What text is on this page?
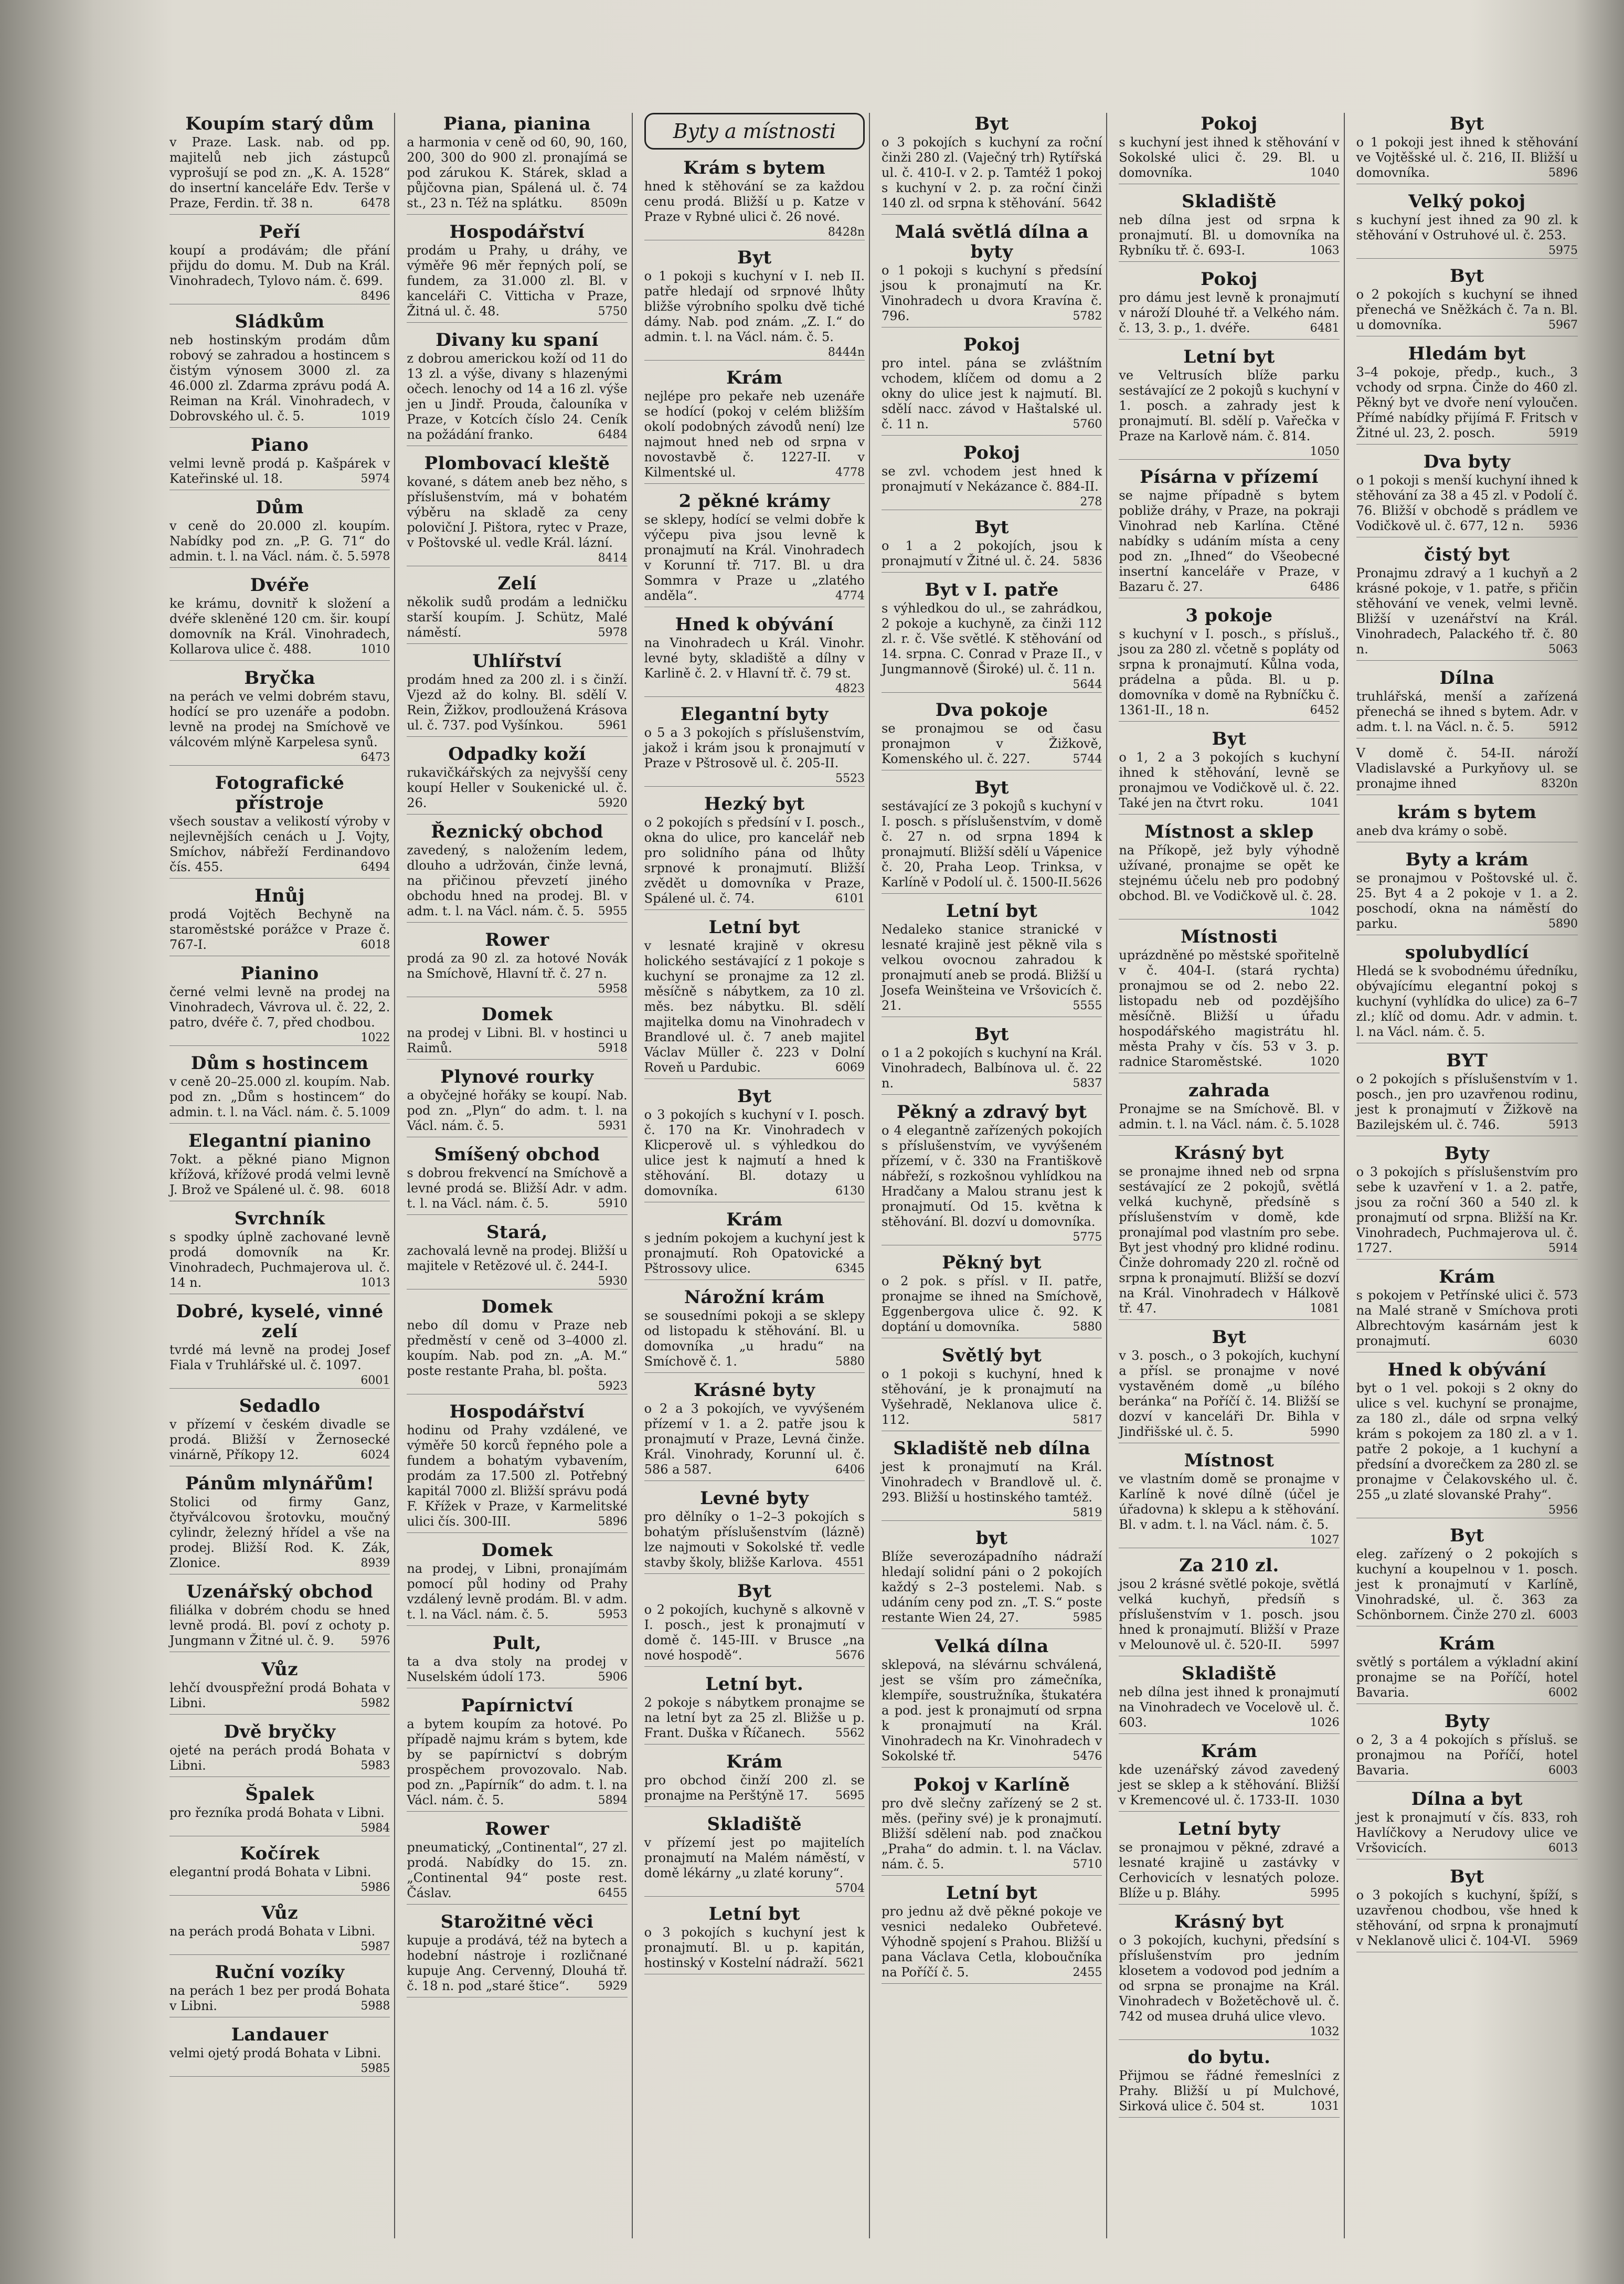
Koupím starý dům

v Praze. Lask. nab. od pp. majitelů neb jich zástupců vyprošují se pod zn. „K. A. 1528“ do insertní kanceláře Edv. Terše v Praze, Ferdin. tř. 38 n.	6478

Peří

koupí a prodávám; dle přání přijdu do domu. M. Dub na Král. Vinohradech, Tylovo nám. č. 699.
8496

Sládkům

neb hostinským prodám dům robový se zahradou a hostincem s čistým výnosem 3000 zl. za 46.000 zl. Zdarma zprávu podá A. Reiman na Král. Vinohradech, v Dobrovského ul. č. 5.	1019

Piano

velmi levně prodá p. Kašpárek v Kateřinské ul. 18.	5974

Dům

v ceně do 20.000 zl. koupím. Nabídky pod zn. „P. G. 71“ do admin. t. l. na Václ. nám. č. 5. 5978

Dvéře

ke krámu, dovnitř k složení a dvéře skleněné 120 cm. šir. koupí domovník na Král. Vinohradech, Kollarova ulice č. 488.	1010

Bryčka

na perách ve velmi dobrém stavu, hodící se pro uzenáře a podobn. levně na prodej na Smíchově ve válcovém mlýně Karpelesa synů.
6473

Fotografické přístroje

všech soustav a velikostí výroby v nejlevnějších cenách u J. Vojty, Smíchov, nábřeží Ferdinandovo čís. 455.	6494

Hnůj

prodá Vojtěch Bechyně na staroměstské porážce v Praze č. 767-I.	6018

Pianino

černé velmi levně na prodej na Vinohradech, Vávrova ul. č. 22, 2. patro, dvéře č. 7, před chodbou.
1022

Dům s hostincem

v ceně 20–25.000 zl. koupím. Nab. pod zn. „Dům s hostincem“ do admin. t. l. na Václ. nám. č. 5. 1009

Elegantní pianino

7okt. a pěkné piano Mignon křížová, křížové prodá velmi levně J. Brož ve Spálené ul. č. 98. 6018

Svrchník

s spodky úplně zachované levně prodá domovník na Kr. Vinohradech, Puchmajerova ul. č. 14 n.	1013

Dobré, kyselé, vinné zelí

tvrdé má levně na prodej Josef Fiala v Truhlářské ul. č. 1097.
6001

Sedadlo

v přízemí v českém divadle se prodá. Bližší v Žernosecké vinárně, Příkopy 12.	6024

Pánům mlynářům!

Stolici od firmy Ganz, čtyřválcovou šrotovku, moučný cylindr, železný hřídel a vše na prodej. Bližší Rod. K. Zák, Zlonice.	8939

Uzenářský obchod

filiálka v dobrém chodu se hned levně prodá. Bl. poví z ochoty p. Jungmann v Žitné ul. č. 9. 5976

Vůz

lehčí dvouspřežní prodá Bohata v Libni.	5982

Dvě bryčky

ojeté na perách prodá Bohata v Libni.	5983

Špalek

pro řezníka prodá Bohata v Libni.
5984

Kočírek

elegantní prodá Bohata v Libni.
5986

Vůz

na perách prodá Bohata v Libni.
5987

Ruční vozíky

na perách 1 bez per prodá Bohata v Libni.	5988

Landauer

velmi ojetý prodá Bohata v Libni.
5985

Piana, pianina

a harmonia v ceně od 60, 90, 160, 200, 300 do 900 zl. pronajímá se pod zárukou K. Stárek, sklad a půjčovna pian, Spálená ul. č. 74 st., 23 n. Též na splátku. 8509n

Hospodářství

prodám u Prahy, u dráhy, ve výměře 96 měr řepných polí, se fundem, za 31.000 zl. Bl. v kanceláři C. Vitticha v Praze, Žitná ul. č. 48.	5750

Divany ku spaní

z dobrou americkou koží od 11 do 13 zl. a výše, divany s hlazenými očech. lenochy od 14 a 16 zl. výše jen u Jindř. Prouda, čalouníka v Praze, v Kotcích číslo 24. Ceník na požádání franko.	6484

Plombovací kleště

kované, s dátem aneb bez něho, s příslušenstvím, má v bohatém výběru na skladě za ceny poloviční J. Pištora, rytec v Praze, v Poštovské ul. vedle Král. lázní.
8414

Zelí

několik sudů prodám a ledničku starší koupím. J. Schütz, Malé náměstí.	5978

Uhlířství

prodám hned za 200 zl. i s činží. Vjezd až do kolny. Bl. sdělí V. Rein, Žižkov, prodloužená Krásova ul. č. 737. pod Vyšínkou.	5961

Odpadky koží

rukavičkářských za nejvyšší ceny koupí Heller v Soukenické ul. č. 26.	5920

Řeznický obchod

zavedený, s naložením ledem, dlouho a udržován, činže levná, na přičinou převzetí jiného obchodu hned na prodej. Bl. v adm. t. l. na Václ. nám. č. 5. 5955

Rower

prodá za 90 zl. za hotové Novák na Smíchově, Hlavní tř. č. 27 n.
5958

Domek

na prodej v Libni. Bl. v hostinci u Raimů.	5918

Plynové rourky

a obyčejné hořáky se koupí. Nab. pod zn. „Plyn“ do adm. t. l. na Václ. nám. č. 5.	5931

Smíšený obchod

s dobrou frekvencí na Smíchově a levné prodá se. Bližší Adr. v adm. t. l. na Václ. nám. č. 5.	5910

Stará,

zachovalá levně na prodej. Bližší u majitele v Retězové ul. č. 244-I.
5930

Domek

nebo díl domu v Praze neb předměstí v ceně od 3–4000 zl. koupím. Nab. pod zn. „A. M.“ poste restante Praha, bl. pošta.
5923

Hospodářství

hodinu od Prahy vzdálené, ve výměře 50 korců řepného pole a fundem a bohatým vybavením, prodám za 17.500 zl. Potřebný kapitál 7000 zl. Bližší správu podá F. Křížek v Praze, v Karmelitské ulici čís. 300-III.	5896

Domek

na prodej, v Libni, pronajímám pomocí půl hodiny od Prahy vzdálený levně prodám. Bl. v adm. t. l. na Václ. nám. č. 5.	5953

Pult,

ta a dva stoly na prodej v Nuselském údolí 173.	5906

Papírnictví

a bytem koupím za hotové. Po případě najmu krám s bytem, kde by se papírnictví s dobrým prospěchem provozovalo. Nab. pod zn. „Papírník“ do adm. t. l. na Václ. nám. č. 5.	5894

Rower

pneumatický, „Continental“, 27 zl. prodá. Nabídky do 15. zn. „Continental 94“ poste rest. Čáslav.	6455

Starožitné věci

kupuje a prodává, též na bytech a hodební nástroje i rozličnané kupuje Ang. Cervenný, Dlouhá tř. č. 18 n. pod „staré štice“. 5929

Byty a místnosti
Krám s bytem

hned k stěhování se za každou cenu prodá. Bližší u p. Katze v Praze v Rybné ulici č. 26 nové.
8428n

Byt

o 1 pokoji s kuchyní v I. neb II. patře hledají od srpnové lhůty bližše výrobního spolku dvě tiché dámy. Nab. pod znám. „Z. I.“ do admin. t. l. na Václ. nám. č. 5.
8444n

Krám

nejlépe pro pekaře neb uzenáře se hodící (pokoj v celém bližším okolí podobných závodů není) lze najmout hned neb od srpna v novostavbě č. 1227-II. v Kilmentské ul.	4778

2 pěkné krámy

se sklepy, hodící se velmi dobře k výčepu piva jsou levně k pronajmutí na Král. Vinohradech v Korunní tř. 717. Bl. u dra Sommra v Praze u „zlatého anděla“.	4774

Hned k obývání

na Vinohradech u Král. Vinohr. levné byty, skladiště a dílny v Karlině č. 2. v Hlavní tř. č. 79 st.
4823

Elegantní byty

o 5 a 3 pokojích s příslušenstvím, jakož i krám jsou k pronajmutí v Praze v Pštrosově ul. č. 205-II.
5523

Hezký byt

o 2 pokojích s předsíní v I. posch., okna do ulice, pro kancelář neb pro solidního pána od lhůty srpnové k pronajmutí. Bližší zvědět u domovníka v Praze, Spálené ul. č. 74.	6101

Letní byt

v lesnaté krajině v okresu holického sestávající z 1 pokoje s kuchyní se pronajme za 12 zl. měsíčně s nábytkem, za 10 zl. měs. bez nábytku. Bl. sdělí majitelka domu na Vinohradech v Brandlové ul. č. 7 aneb majitel Václav Müller č. 223 v Dolní Roveň u Pardubic.	6069

Byt

o 3 pokojích s kuchyní v I. posch. č. 170 na Kr. Vinohradech v Klicperově ul. s výhledkou do ulice jest k najmutí a hned k stěhování. Bl. dotazy u domovníka.	6130

Krám

s jedním pokojem a kuchyní jest k pronajmutí. Roh Opatovické a Pštrossovy ulice.	6345

Nárožní krám

se sousedními pokoji a se sklepy od listopadu k stěhování. Bl. u domovníka „u hradu“ na Smíchově č. 1.	5880

Krásné byty

o 2 a 3 pokojích, ve vyvýšeném přízemí v 1. a 2. patře jsou k pronajmutí v Praze, Levná činže. Král. Vinohrady, Korunní ul. č. 586 a 587.	6406

Levné byty

pro dělníky o 1–2–3 pokojích s bohatým příslušenstvím (lázně) lze najmouti v Sokolské tř. vedle stavby školy, bližše Karlova. 4551

Byt

o 2 pokojích, kuchyně s alkovně v I. posch., jest k pronajmutí v domě č. 145-III. v Brusce „na nové hospodě“.	5676

Letní byt.

2 pokoje s nábytkem pronajme se na letní byt za 25 zl. Bližše u p. Frant. Duška v Říčanech.	5562

Krám

pro obchod činží 200 zl. se pronajme na Perštýně 17. 5695

Skladiště

v přízemí jest po majitelích pronajmutí na Malém náměstí, v domě lékárny „u zlaté koruny“.
5704

Letní byt

o 3 pokojích s kuchyní jest k pronajmutí. Bl. u p. kapitán, hostinský v Kostelní nádraží. 5621

Byt

o 3 pokojích s kuchyní za roční činži 280 zl. (Vaječný trh) Rytířská ul. č. 410-I. v 2. p. Tamtéž 1 pokoj s kuchyní v 2. p. za roční činži 140 zl. od srpna k stěhování. 5642

Malá světlá dílna a byty

o 1 pokoji s kuchyní s předsíní jsou k pronajmutí na Kr. Vinohradech u dvora Kravína č. 796.	5782

Pokoj

pro intel. pána se zvláštním vchodem, klíčem od domu a 2 okny do ulice jest k najmutí. Bl. sdělí nacc. závod v Haštalské ul. č. 11 n.	5760

Pokoj

se zvl. vchodem jest hned k pronajmutí v Nekázance č. 884-II.
278

Byt

o 1 a 2 pokojích, jsou k pronajmutí v Žitné ul. č. 24. 5836

Byt v I. patře

s výhledkou do ul., se zahrádkou, 2 pokoje a kuchyně, za činži 112 zl. r. č. Vše světlé. K stěhování od 14. srpna. C. Conrad v Praze II., v Jungmannově (Široké) ul. č. 11 n.
5644

Dva pokoje

se pronajmou se od času pronajmon v Žižkově, Komenského ul. č. 227.	5744

Byt

sestávající ze 3 pokojů s kuchyní v I. posch. s příslušenstvím, v domě č. 27 n. od srpna 1894 k pronajmutí. Bližší sdělí u Vápenice č. 20, Praha Leop. Trinksa, v Karlíně v Podolí ul. č. 1500-II. 5626

Letní byt

Nedaleko stanice stranické v lesnaté krajině jest pěkně vila s velkou ovocnou zahradou k pronajmutí aneb se prodá. Bližší u Josefa Weinšteina ve Vršovicích č. 21.	5555

Byt

o 1 a 2 pokojích s kuchyní na Král. Vinohradech, Balbínova ul. č. 22 n.	5837

Pěkný a zdravý byt

o 4 elegantně zařízených pokojích s příslušenstvím, ve vyvýšeném přízemí, v č. 330 na Františkově nábřeží, s rozkošnou vyhlídkou na Hradčany a Malou stranu jest k pronajmutí. Od 15. května k stěhování. Bl. dozví u domovníka.
5775

Pěkný byt

o 2 pok. s přísl. v II. patře, pronajme se ihned na Smíchově, Eggenbergova ulice č. 92. K doptání u domovníka.	5880

Světlý byt

o 1 pokoji s kuchyní, hned k stěhování, je k pronajmutí na Vyšehradě, Neklanova ulice č. 112.	5817

Skladiště neb dílna

jest k pronajmutí na Král. Vinohradech v Brandlově ul. č. 293. Bližší u hostinského tamtéž.
5819

byt

Blíže severozápadního nádraží hledají solidní páni o 2 pokojích každý s 2–3 postelemi. Nab. s udáním ceny pod zn. „T. S.“ poste restante Wien 24, 27.	5985

Velká dílna

sklepová, na slévárnu schválená, jest se vším pro zámečníka, klempíře, soustružníka, štukatéra a pod. jest k pronajmutí od srpna k pronajmutí na Král. Vinohradech na Kr. Vinohradech v Sokolské tř.	5476

Pokoj v Karlíně

pro dvě slečny zařízený se 2 st. měs. (peřiny své) je k pronajmutí. Bližší sdělení nab. pod značkou „Praha“ do admin. t. l. na Václav. nám. č. 5.	5710

Letní byt

pro jednu až dvě pěkné pokoje ve vesnici nedaleko Oubřetevé. Výhodně spojení s Prahou. Bližší u pana Václava Cetla, kloboučníka na Poříčí č. 5.	2455

Pokoj

s kuchyní jest ihned k stěhování v Sokolské ulici č. 29. Bl. u domovníka.	1040

Skladiště

neb dílna jest od srpna k pronajmutí. Bl. u domovníka na Rybníku tř. č. 693-I.	1063

Pokoj

pro dámu jest levně k pronajmutí v nároží Dlouhé tř. a Velkého nám. č. 13, 3. p., 1. dvéře.	6481

Letní byt

ve Veltrusích blíže parku sestávající ze 2 pokojů s kuchyní v 1. posch. a zahrady jest k pronajmutí. Bl. sdělí p. Vařečka v Praze na Karlově nám. č. 814.
1050

Písárna v přízemí

se najme případně s bytem pobliže dráhy, v Praze, na pokraji Vinohrad neb Karlína. Ctěné nabídky s udáním místa a ceny pod zn. „Ihned“ do Všeobecné insertní kanceláře v Praze, v Bazaru č. 27.	6486

3 pokoje

s kuchyní v I. posch., s přísluš., jsou za 280 zl. včetně s popláty od srpna k pronajmutí. Kůlna voda, prádelna a půda. Bl. u p. domovníka v domě na Rybníčku č. 1361-II., 18 n.	6452

Byt

o 1, 2 a 3 pokojích s kuchyní ihned k stěhování, levně se pronajmou ve Vodičkově ul. č. 22. Také jen na čtvrt roku.	1041

Místnost a sklep

na Příkopě, jež byly výhodně užívané, pronajme se opět ke stejnému účelu neb pro podobný obchod. Bl. ve Vodičkově ul. č. 28.
1042

Místnosti

uprázdněné po městské spořitelně v č. 404-I. (stará rychta) pronajmou se od 2. nebo 22. listopadu neb od pozdějšího měsíčně. Bližší u úřadu hospodářského magistrátu hl. města Prahy v čís. 53 v 3. p. radnice Staroměstské.	1020

zahrada

Pronajme se na Smíchově. Bl. v admin. t. l. na Václ. nám. č. 5. 1028

Krásný byt

se pronajme ihned neb od srpna sestávající ze 2 pokojů, světlá velká kuchyně, předsíně s příslušenstvím v domě, kde pronajímal pod vlastním pro sebe. Byt jest vhodný pro klidné rodinu. Činže dohromady 220 zl. ročně od srpna k pronajmutí. Bližší se dozví na Král. Vinohradech v Hálkově tř. 47.	1081

Byt

v 3. posch., o 3 pokojích, kuchyní a přísl. se pronajme v nové vystavěném domě „u bílého beránka“ na Poříčí č. 14. Bližší se dozví v kanceláři Dr. Bihla v Jindřišské ul. č. 5.	5990

Místnost

ve vlastním domě se pronajme v Karlíně k nové dílně (účel je úřadovna) k sklepu a k stěhování. Bl. v adm. t. l. na Václ. nám. č. 5.
1027

Za 210 zl.

jsou 2 krásné světlé pokoje, světlá velká kuchyň, předsíň s příslušenstvím v 1. posch. jsou hned k pronajmutí. Bližší v Praze v Melounově ul. č. 520-II. 5997

Skladiště

neb dílna jest ihned k pronajmutí na Vinohradech ve Vocelově ul. č. 603.	1026

Krám

kde uzenářský závod zavedený jest se sklep a k stěhování. Bližší v Kremencové ul. č. 1733-II. 1030

Letní byty

se pronajmou v pěkné, zdravé a lesnaté krajině u zastávky v Cerhovicích v lesnatých poloze. Blíže u p. Bláhy.	5995

Krásný byt

o 3 pokojích, kuchyni, předsíní s příslušenstvím pro jedním klosetem a vodovod pod jedním a od srpna se pronajme na Král. Vinohradech v Božetěchově ul. č. 742 od musea druhá ulice vlevo.
1032

do bytu.

Přijmou se řádné řemeslníci z Prahy. Bližší u pí Mulchové, Sirková ulice č. 504 st.	1031

Byt

o 1 pokoji jest ihned k stěhování ve Vojtěšské ul. č. 216, II. Bližší u domovníka.	5896

Velký pokoj

s kuchyní jest ihned za 90 zl. k stěhování v Ostruhové ul. č. 253.
5975

Byt

o 2 pokojích s kuchyní se ihned přenechá ve Sněžkách č. 7a n. Bl. u domovníka.	5967

Hledám byt

3–4 pokoje, předp., kuch., 3 vchody od srpna. Činže do 460 zl. Pěkný byt ve dvoře není vyloučen. Přímé nabídky přijímá F. Fritsch v Žitné ul. 23, 2. posch.	5919

Dva byty

o 1 pokoji s menší kuchyní ihned k stěhování za 38 a 45 zl. v Podolí č. 76. Bližší v obchodě s prádlem ve Vodičkově ul. č. 677, 12 n. 5936

čistý byt

Pronajmu zdravý a 1 kuchyň a 2 krásné pokoje, v 1. patře, s přičin stěhování ve venek, velmi levně. Bližší v uzenářství na Král. Vinohradech, Palackého tř. č. 80 n.	5063

Dílna

truhlářská, menší a zařízená přenechá se ihned s bytem. Adr. v adm. t. l. na Václ. n. č. 5.	5912

V domě č. 54-II. nároží Vladislavské a Purkyňovy ul. se pronajme ihned	8320n

krám s bytem

aneb dva krámy o sobě.

Byty a krám

se pronajmou v Poštovské ul. č. 25. Byt 4 a 2 pokoje v 1. a 2. poschodí, okna na náměstí do parku.	5890

spolubydlící

Hledá se k svobodnému úředníku, obývajícímu elegantní pokoj s kuchyní (vyhlídka do ulice) za 6–7 zl.; klíč od domu. Adr. v admin. t. l. na Václ. nám. č. 5.

BYT

o 2 pokojích s příslušenstvím v 1. posch., jen pro uzavřenou rodinu, jest k pronajmutí v Žižkově na Bazilejském ul. č. 746.	5913

Byty

o 3 pokojích s příslušenstvím pro sebe k uzavření v 1. a 2. patře, jsou za roční 360 a 540 zl. k pronajmutí od srpna. Bližší na Kr. Vinohradech, Puchmajerova ul. č. 1727.	5914

Krám

s pokojem v Petřínské ulici č. 573 na Malé straně v Smíchova proti Albrechtovým kasárnám jest k pronajmutí.	6030

Hned k obývání

byt o 1 vel. pokoji s 2 okny do ulice s vel. kuchyní se pronajme, za 180 zl., dále od srpna velký krám s pokojem za 180 zl. a v 1. patře 2 pokoje, a 1 kuchyní a předsíní a dvorečkem za 280 zl. se pronajme v Čelakovského ul. č. 255 „u zlaté slovanské Prahy“.
5956

Byt

eleg. zařízený o 2 pokojích s kuchyní a koupelnou v 1. posch. jest k pronajmutí v Karlíně, Vinohradské, ul. č. 363 za Schönbornem. Činže 270 zl. 6003

Krám

světlý s portálem a výkladní akiní pronajme se na Poříčí, hotel Bavaria.	6002

Byty

o 2, 3 a 4 pokojích s přísluš. se pronajmou na Poříčí, hotel Bavaria.	6003

Dílna a byt

jest k pronajmutí v čís. 833, roh Havlíčkovy a Nerudovy ulice ve Vršovicích.	6013

Byt

o 3 pokojích s kuchyní, špíží, s uzavřenou chodbou, vše hned k stěhování, od srpna k pronajmutí v Neklanově ulici č. 104-VI. 5969
